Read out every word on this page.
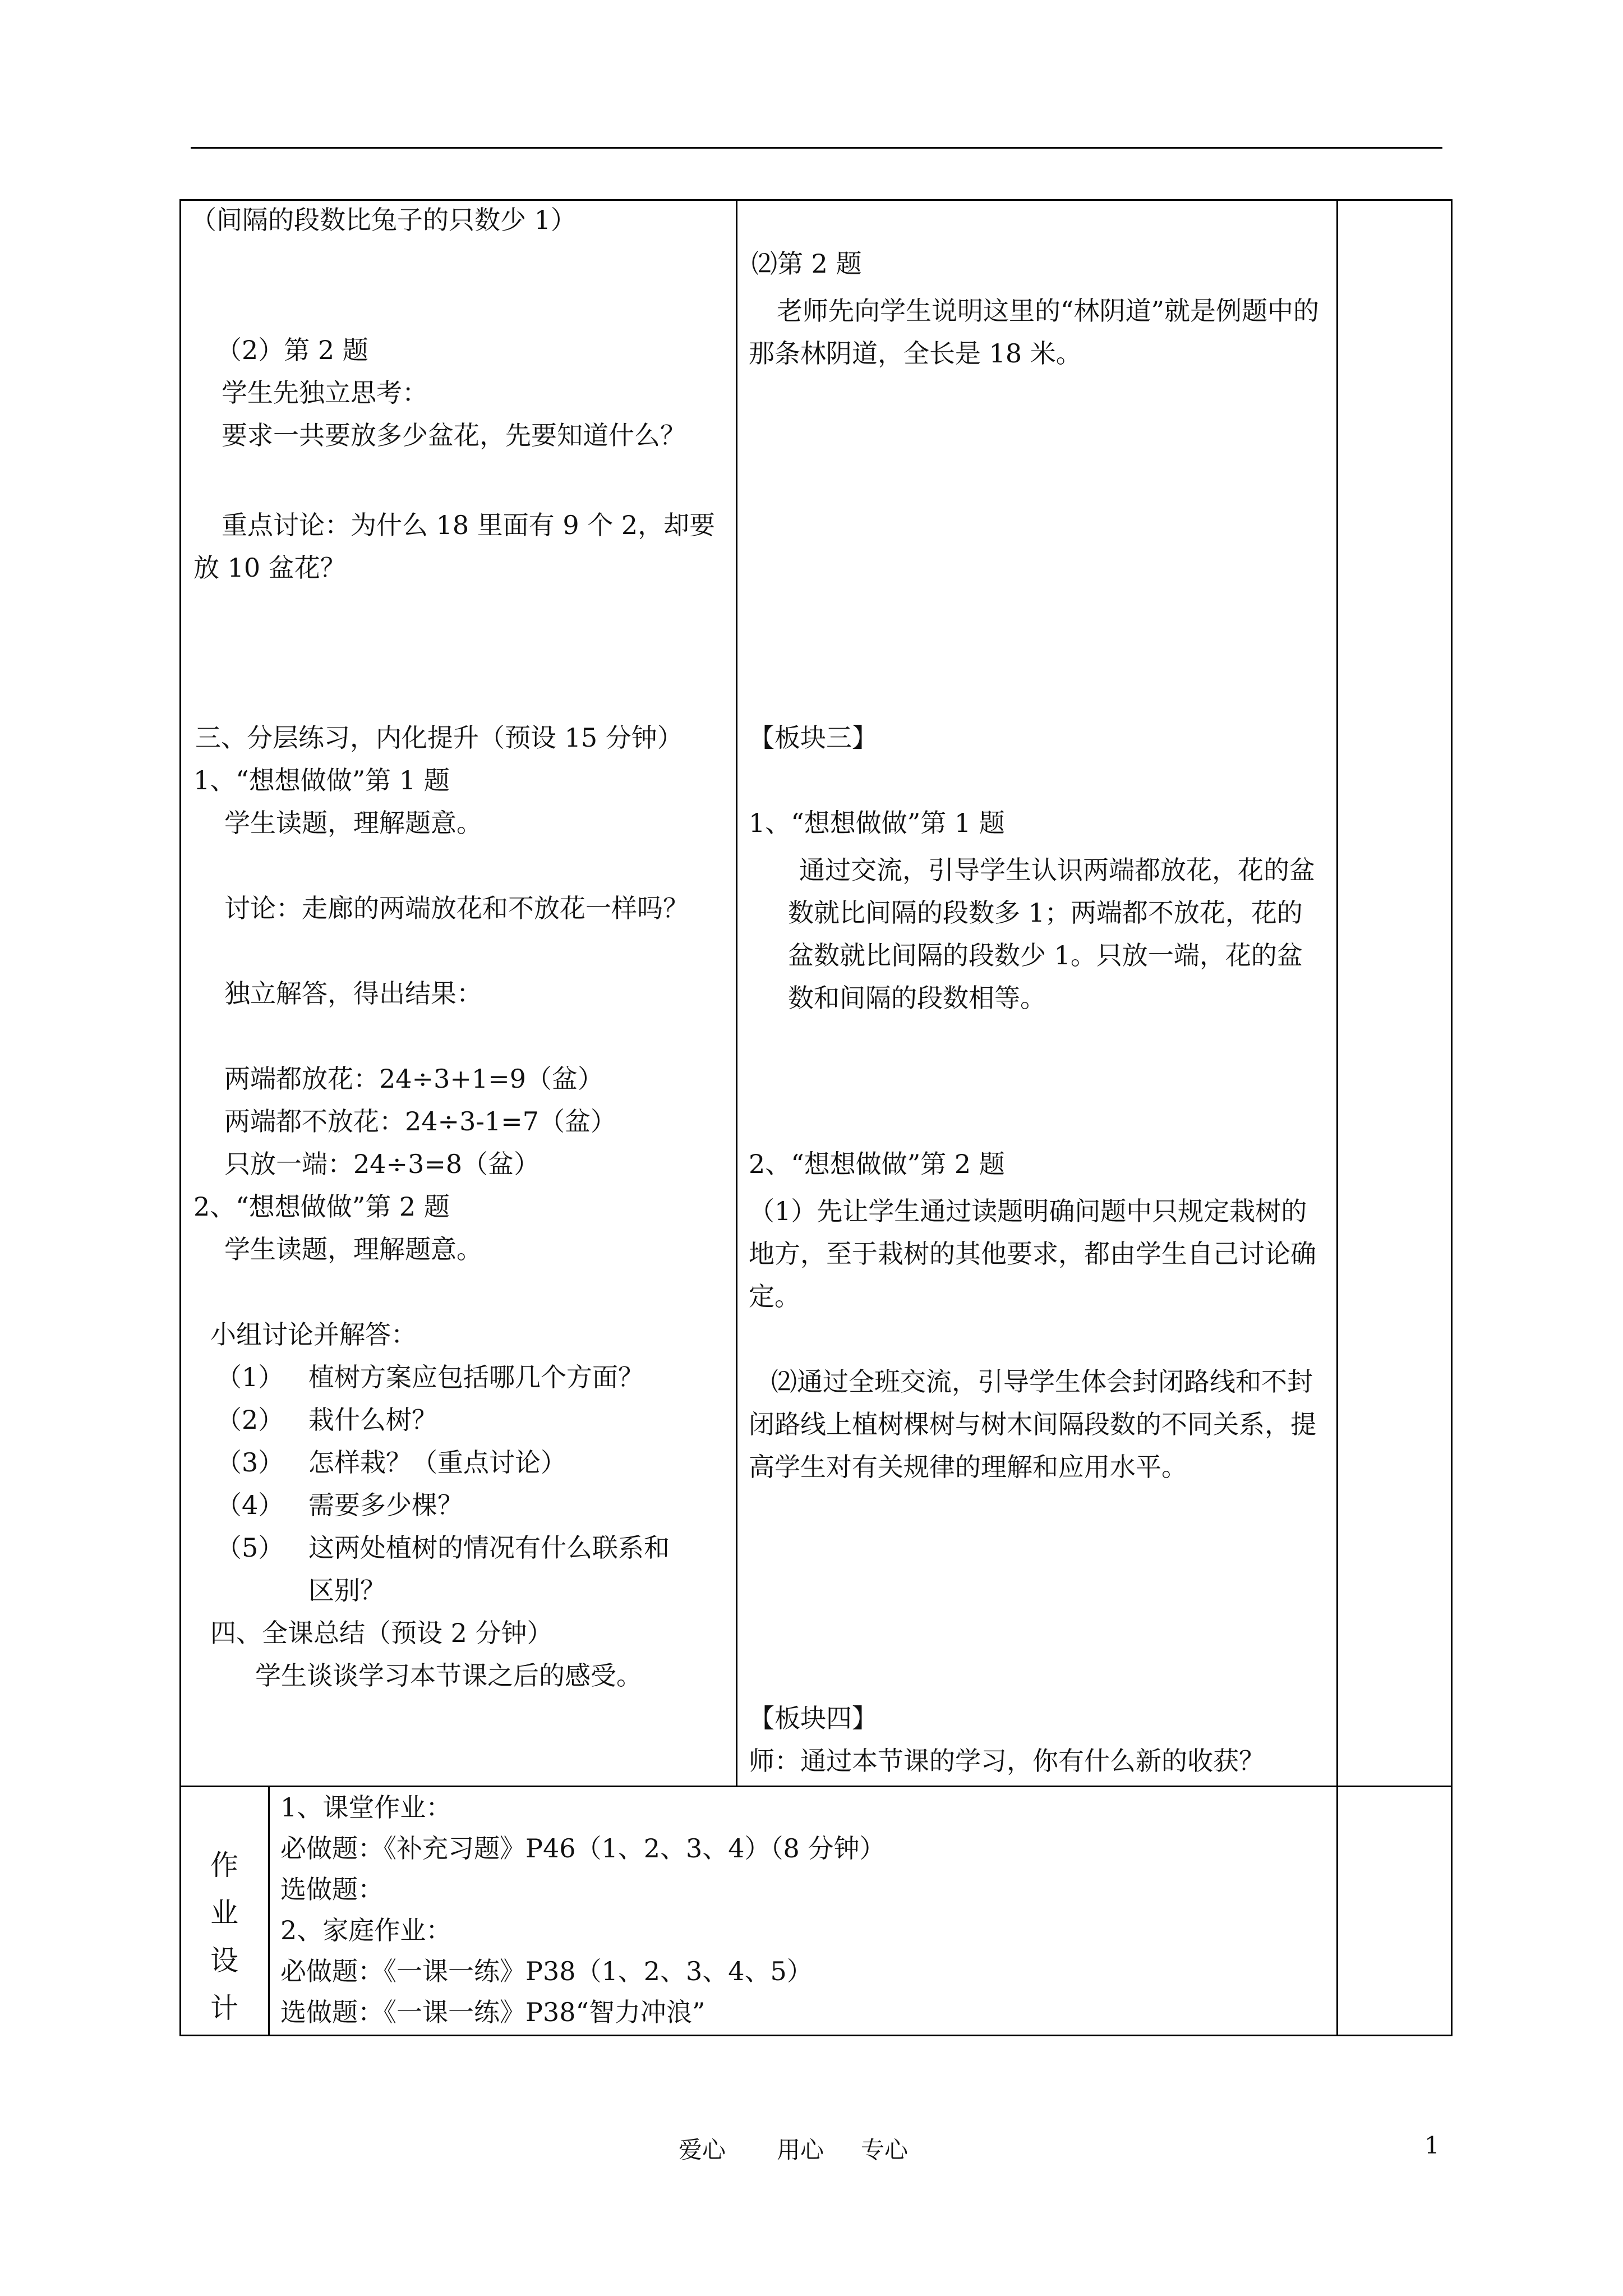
（间隔的段数比兔子的只数少 1）
（2）第 2 题
学生先独立思考：
要求一共要放多少盆花，先要知道什么？
重点讨论：为什么 18 里面有 9 个 2，却要放 10 盆花？
三、分层练习，内化提升（预设 15 分钟）
1、“想想做做”第 1 题
学生读题，理解题意。
讨论：走廊的两端放花和不放花一样吗？
独立解答，得出结果：
两端都放花：24÷3+1=9（盆）
两端都不放花：24÷3-1=7（盆）
只放一端：24÷3=8（盆）
2、“想想做做”第 2 题
学生读题，理解题意。
小组讨论并解答：
（1） 植树方案应包括哪几个方面？
（2） 栽什么树？
（3） 怎样栽？（重点讨论）
（4） 需要多少棵？
（5） 这两处植树的情况有什么联系和
区别？
四、全课总结（预设 2 分钟）
学生谈谈学习本节课之后的感受。
⑵第 2 题
老师先向学生说明这里的“林阴道”就是例题中的那条林阴道，全长是 18 米。
【板块三】
1、“想想做做”第 1 题
通过交流，引导学生认识两端都放花，花的盆数就比间隔的段数多 1；两端都不放花，花的盆数就比间隔的段数少 1。只放一端，花的盆数和间隔的段数相等。
2、“想想做做”第 2 题
（1）先让学生通过读题明确问题中只规定栽树的地方，至于栽树的其他要求，都由学生自己讨论确定。
⑵通过全班交流，引导学生体会封闭路线和不封闭路线上植树棵树与树木间隔段数的不同关系，提高学生对有关规律的理解和应用水平。
【板块四】
师：通过本节课的学习，你有什么新的收获？
作
业
设
计
1、课堂作业：
必做题：《补充习题》P46（1、2、3、4）（8 分钟）
选做题：
2、家庭作业：
必做题：《一课一练》P38（1、2、3、4、5）
选做题：《一课一练》P38“智力冲浪”
爱心 用心 专心	1
